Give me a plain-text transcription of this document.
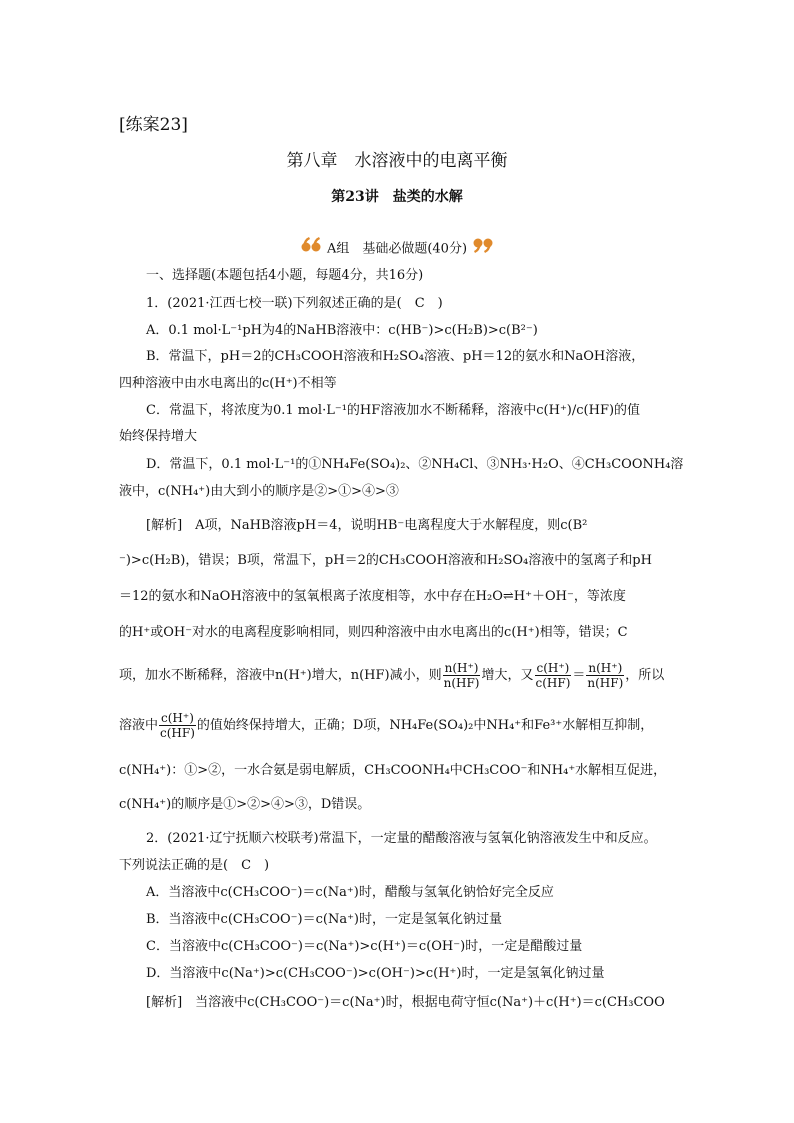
[练案23]
第八章　水溶液中的电离平衡
第23讲　盐类的水解
A组　基础必做题(40分)
一、选择题(本题包括4小题，每题4分，共16分)
1．(2021·江西七校一联)下列叙述正确的是(　C　)
A．0.1 mol·L⁻¹pH为4的NaHB溶液中：c(HB⁻)>c(H₂B)>c(B²⁻)
B．常温下，pH＝2的CH₃COOH溶液和H₂SO₄溶液、pH＝12的氨水和NaOH溶液，
四种溶液中由水电离出的c(H⁺)不相等
C．常温下，将浓度为0.1 mol·L⁻¹的HF溶液加水不断稀释，溶液中c(H⁺)/c(HF)的值
始终保持增大
D．常温下，0.1 mol·L⁻¹的①NH₄Fe(SO₄)₂、②NH₄Cl、③NH₃·H₂O、④CH₃COONH₄溶
液中，c(NH₄⁺)由大到小的顺序是②>①>④>③
[解析]　A项，NaHB溶液pH＝4，说明HB⁻电离程度大于水解程度，则c(B²
⁻)>c(H₂B)，错误；B项，常温下，pH＝2的CH₃COOH溶液和H₂SO₄溶液中的氢离子和pH
＝12的氨水和NaOH溶液中的氢氧根离子浓度相等，水中存在H₂O⇌H⁺＋OH⁻，等浓度
的H⁺或OH⁻对水的电离程度影响相同，则四种溶液中由水电离出的c(H⁺)相等，错误；C
项，加水不断稀释，溶液中n(H⁺)增大，n(HF)减小，则 $\frac{n(H^+)}{n(HF)}$ 增大，又 $\frac{c(H^+)}{c(HF)} = \frac{n(H^+)}{n(HF)}$ ，所以
溶液中 $\frac{c(H^+)}{c(HF)}$ 的值始终保持增大，正确；D项，NH₄Fe(SO₄)₂中NH₄⁺和Fe³⁺水解相互抑制，
c(NH₄⁺)：①>②，一水合氨是弱电解质，CH₃COONH₄中CH₃COO⁻和NH₄⁺水解相互促进，
c(NH₄⁺)的顺序是①>②>④>③，D错误。
2．(2021·辽宁抚顺六校联考)常温下，一定量的醋酸溶液与氢氧化钠溶液发生中和反应。
下列说法正确的是(　C　)
A．当溶液中c(CH₃COO⁻)＝c(Na⁺)时，醋酸与氢氧化钠恰好完全反应
B．当溶液中c(CH₃COO⁻)＝c(Na⁺)时，一定是氢氧化钠过量
C．当溶液中c(CH₃COO⁻)＝c(Na⁺)>c(H⁺)＝c(OH⁻)时，一定是醋酸过量
D．当溶液中c(Na⁺)>c(CH₃COO⁻)>c(OH⁻)>c(H⁺)时，一定是氢氧化钠过量
[解析]　当溶液中c(CH₃COO⁻)＝c(Na⁺)时，根据电荷守恒c(Na⁺)＋c(H⁺)＝c(CH₃COO
